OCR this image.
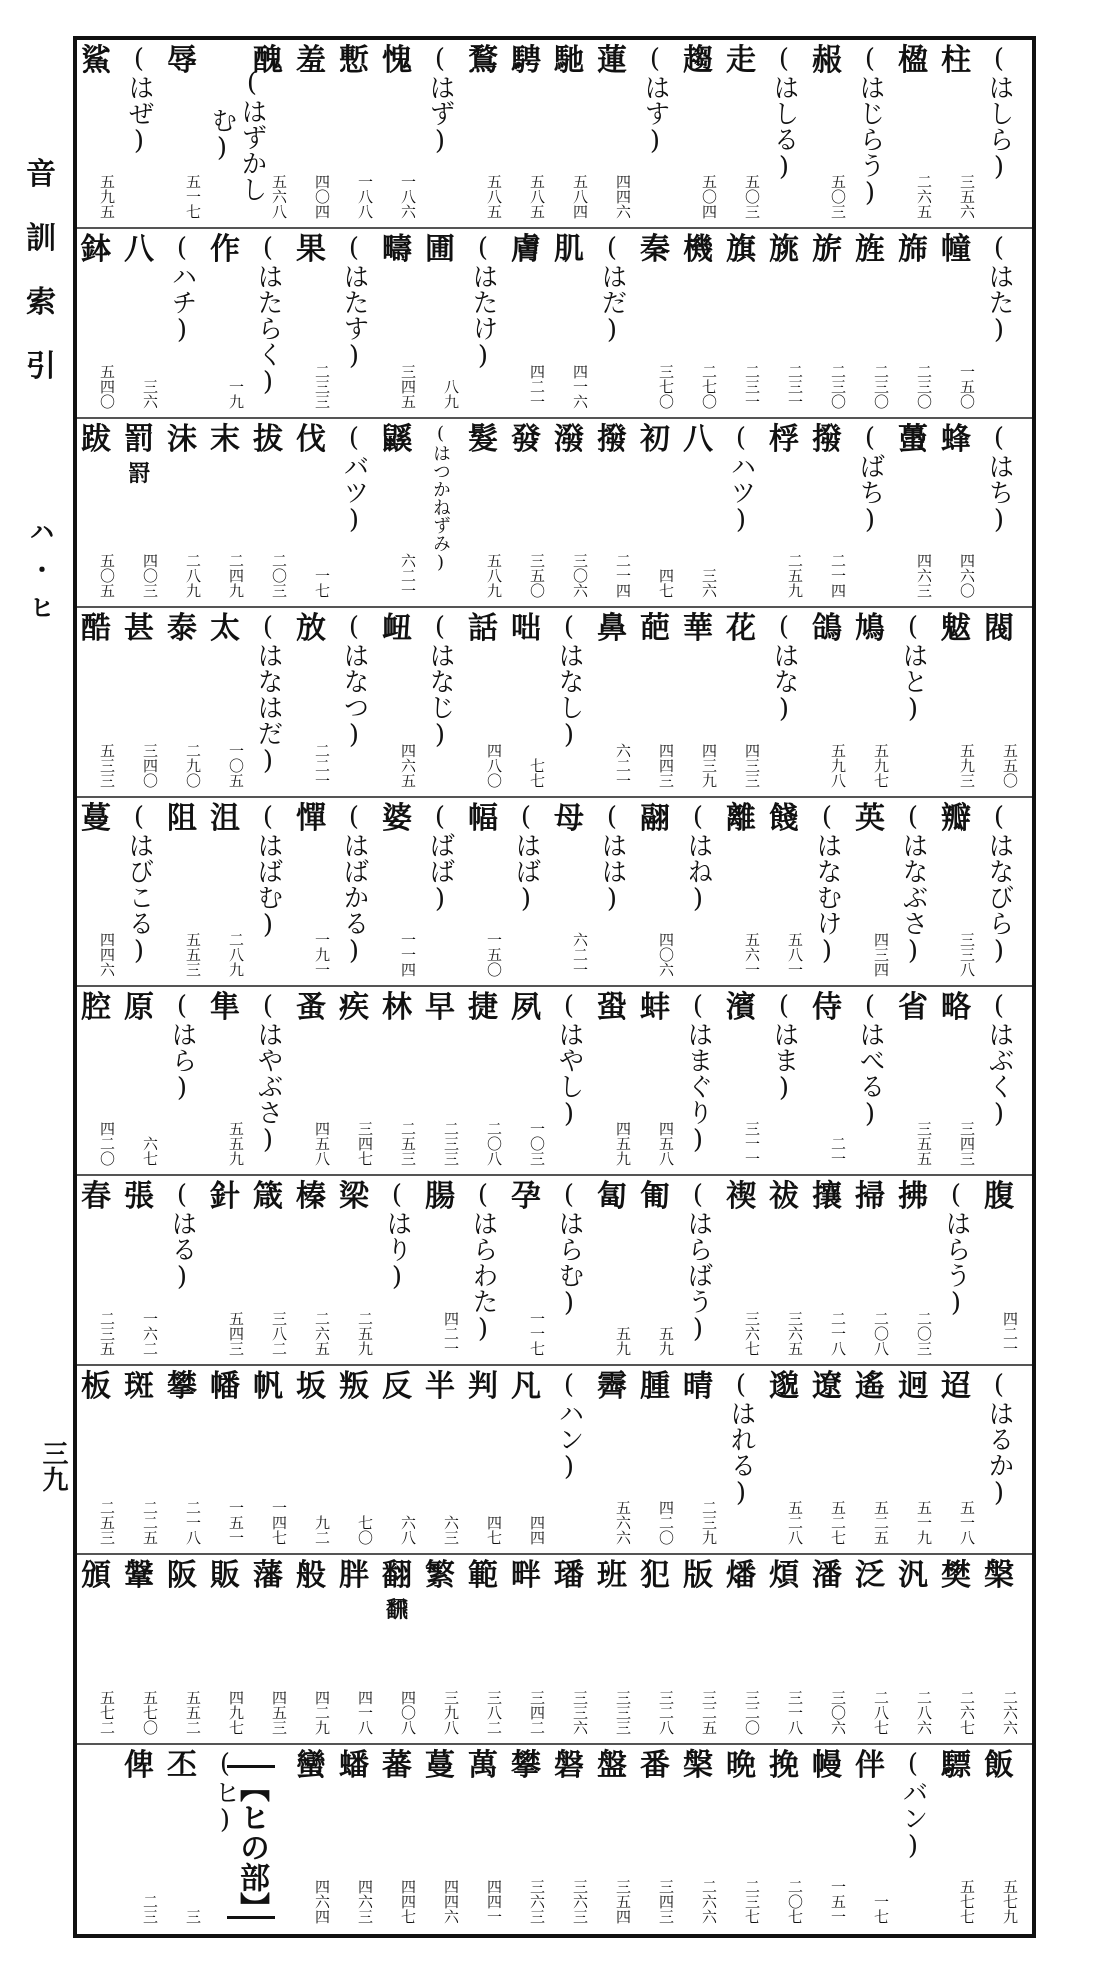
音
訓
索
引
ハ
・
ヒ
三九
(はしら)
柱
三五六
楹
二六五
(はじらう)
赧
五〇三
(はしる)
走
五〇三
趨
五〇四
(はす)
蓮
四四六
馳
五八四
騁
五八五
鶩
五八五
(はず)
愧
一八六
慙
一八八
羞
四〇四
醜
五六八
(はずかしむ)
辱
五一七
(はぜ)
鯊
五九五
(はた)
幢
一五〇
旆
二三〇
旌
二三〇
旂
二三〇
旐
二三一
旗
二三一
機
二七〇
秦
三七〇
(はだ)
肌
四一六
膚
四二一
(はたけ)
圃
八九
疇
三四五
(はたす)
果
二三三
(はたらく)
作
一九
(ハチ)
八
三六
鉢
五四〇
(はち)
蜂
四六〇
蠆
四六三
(ばち)
撥
二一四
桴
二五九
(ハツ)
八
三六
初
四七
撥
二一四
潑
三〇六
發
三五〇
髮
五八九
(はつかねずみ)
鼷
六二一
(バツ)
伐
一七
拔
二〇三
末
二四九
沫
二八九
罰
罸
四〇三
跋
五〇五
閥
五五〇
魃
五九三
(はと)
鳩
五九七
鴿
五九八
(はな)
花
四三三
華
四三九
葩
四四三
鼻
六二一
(はなし)
咄
七七
話
四八〇
(はなじ)
衄
四六五
(はなつ)
放
二二一
(はなはだ)
太
一〇五
泰
二九〇
甚
三四〇
酷
五三三
(はなびら)
瓣
三三八
(はなぶさ)
英
四三四
(はなむけ)
餞
五八一
離
五六一
(はね)
翮
四〇六
(はは)
母
六二一
(はば)
幅
一五〇
(ばば)
婆
一一四
(はばかる)
憚
一九一
(はばむ)
沮
二八九
阻
五五三
(はびこる)
蔓
四四六
(はぶく)
略
三四三
省
三五五
(はべる)
侍
二一
(はま)
濱
三一一
(はまぐり)
蚌
四五八
蛩
四五九
(はやし)
夙
一〇三
捷
二〇八
早
二三三
林
二五三
疾
三四七
蚤
四五八
(はやぶさ)
隼
五五九
(はら)
原
六七
腔
四二〇
腹
四二一
(はらう)
拂
二〇三
掃
二〇八
攘
二一八
祓
三六五
禊
三六七
(はらばう)
匍
五九
匐
五九
(はらむ)
孕
一一七
(はらわた)
腸
四二一
(はり)
梁
二五九
榛
二六五
箴
三八二
針
五四三
(はる)
張
一六二
春
二三五
(はるか)
迢
五一八
迥
五一九
遙
五二五
遼
五二七
邈
五二八
(はれる)
晴
二三九
腫
四二〇
霽
五六六
(ハン)
凡
四四
判
四七
半
六三
反
六八
叛
七〇
坂
九二
帆
一四七
幡
一五一
攀
二一八
斑
二二五
板
二五三
槃
二六六
樊
二六七
汎
二八六
泛
二八七
潘
三〇六
煩
三一八
燔
三二〇
版
三二五
犯
三二八
班
三三三
璠
三三六
畔
三四二
範
三八二
繁
三九八
翻
飜
四〇八
胖
四一八
般
四二九
藩
四五三
販
四九七
阪
五五二
鞶
五七〇
頒
五七二
飯
五七九
驃
五七七
(バン)
伴
一七
幔
一五一
挽
二〇七
晩
二三七
槃
二六六
番
三四三
盤
三五四
磐
三六三
攀
三六三
萬
四四一
蔓
四四六
蕃
四四七
蟠
四六三
蠻
四六四
(ヒ)
丕
三
俾
二三	【ヒの部】
